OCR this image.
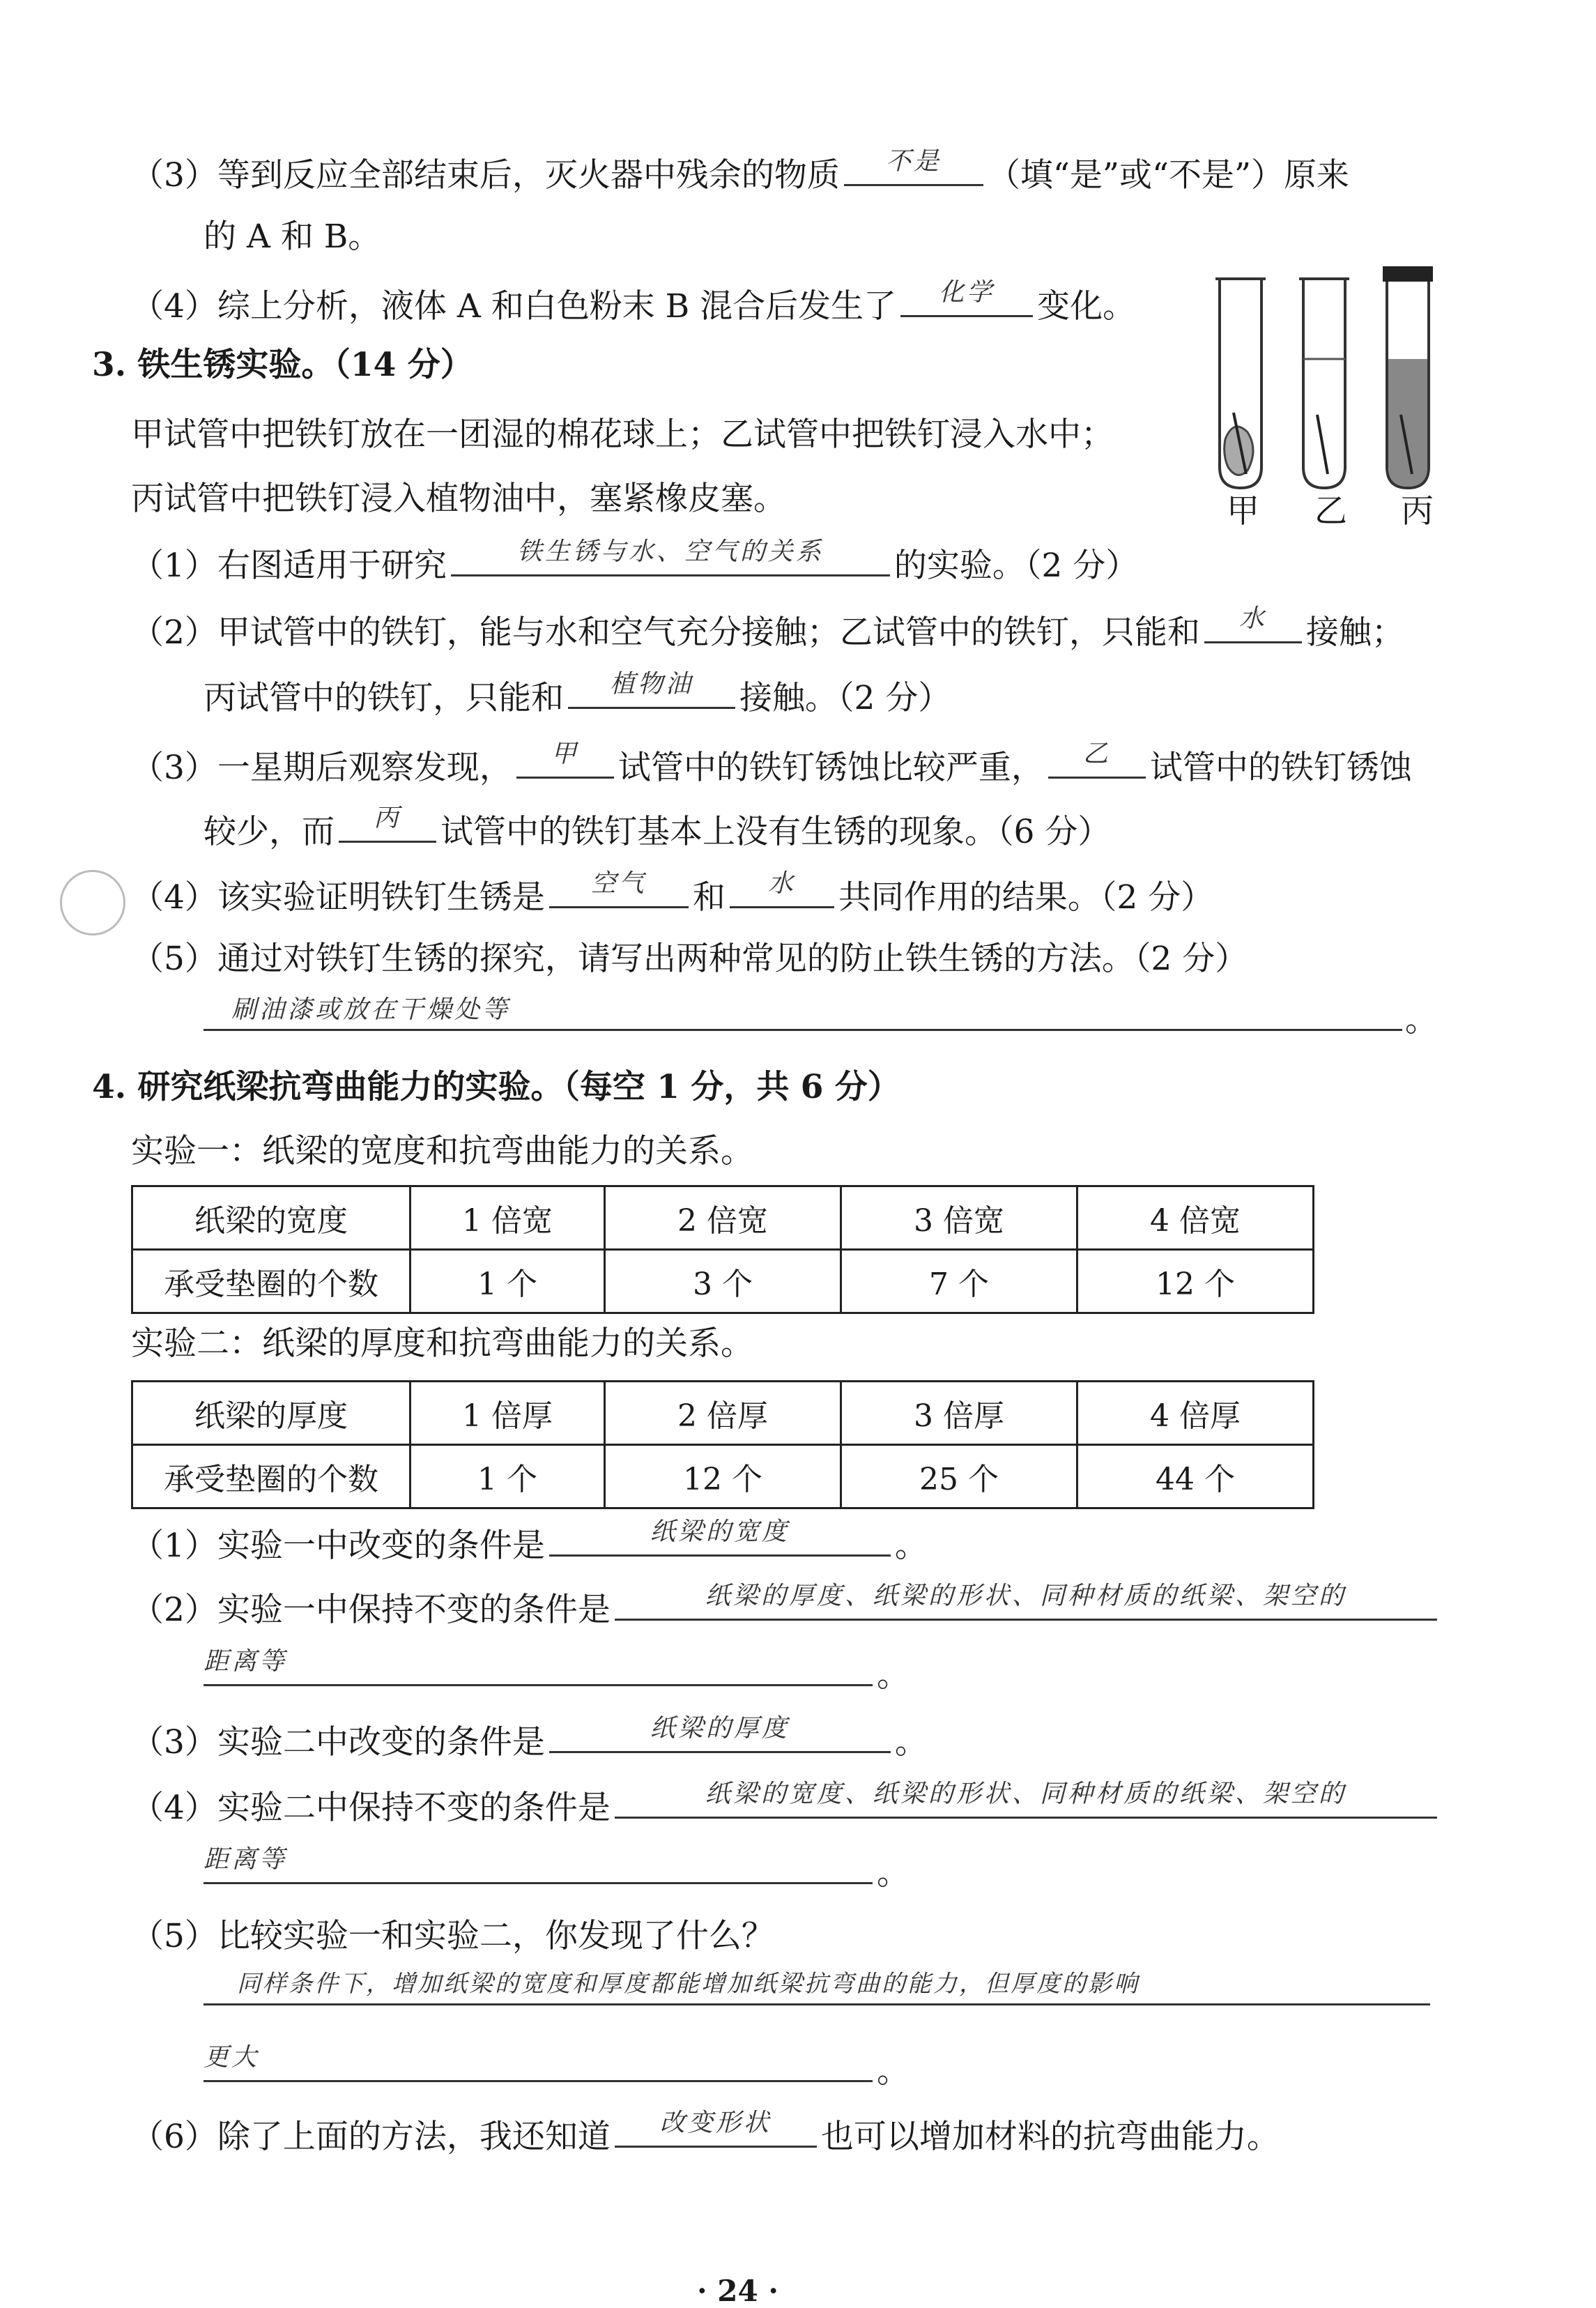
（3）等到反应全部结束后，灭火器中残余的物质	不是	（填“是”或“不是”）原来
的 A 和 B。
（4）综上分析，液体 A 和白色粉末 B 混合后发生了	化学	变化。
3. 铁生锈实验。（14 分）
甲试管中把铁钉放在一团湿的棉花球上；乙试管中把铁钉浸入水中；
丙试管中把铁钉浸入植物油中，塞紧橡皮塞。	甲 乙 丙
（1）右图适用于研究	铁生锈与水、空气的关系	的实验。（2 分）
（2）甲试管中的铁钉，能与水和空气充分接触；乙试管中的铁钉，只能和	水	接触；
丙试管中的铁钉，只能和	植物油	接触。（2 分）
（3）一星期后观察发现，	甲	试管中的铁钉锈蚀比较严重，	乙	试管中的铁钉锈蚀
较少，而	丙	试管中的铁钉基本上没有生锈的现象。（6 分）
（4）该实验证明铁钉生锈是	空气	和	水	共同作用的结果。（2 分）
（5）通过对铁钉生锈的探究，请写出两种常见的防止铁生锈的方法。（2 分）
刷油漆或放在干燥处等	。
4. 研究纸梁抗弯曲能力的实验。（每空 1 分，共 6 分）
实验一：纸梁的宽度和抗弯曲能力的关系。
纸梁的宽度	1 倍宽	2 倍宽	3 倍宽	4 倍宽
承受垫圈的个数	1 个	3 个	7 个	12 个
实验二：纸梁的厚度和抗弯曲能力的关系。
纸梁的厚度	1 倍厚	2 倍厚	3 倍厚	4 倍厚
承受垫圈的个数	1 个	12 个	25 个	44 个
（1）实验一中改变的条件是	纸梁的宽度	。
（2）实验一中保持不变的条件是	纸梁的厚度、纸梁的形状、同种材质的纸梁、架空的
距离等	。
（3）实验二中改变的条件是	纸梁的厚度	。
（4）实验二中保持不变的条件是	纸梁的宽度、纸梁的形状、同种材质的纸梁、架空的
距离等	。
（5）比较实验一和实验二，你发现了什么？
同样条件下，增加纸梁的宽度和厚度都能增加纸梁抗弯曲的能力，但厚度的影响
更大	。
（6）除了上面的方法，我还知道	改变形状	也可以增加材料的抗弯曲能力。
· 24 ·
